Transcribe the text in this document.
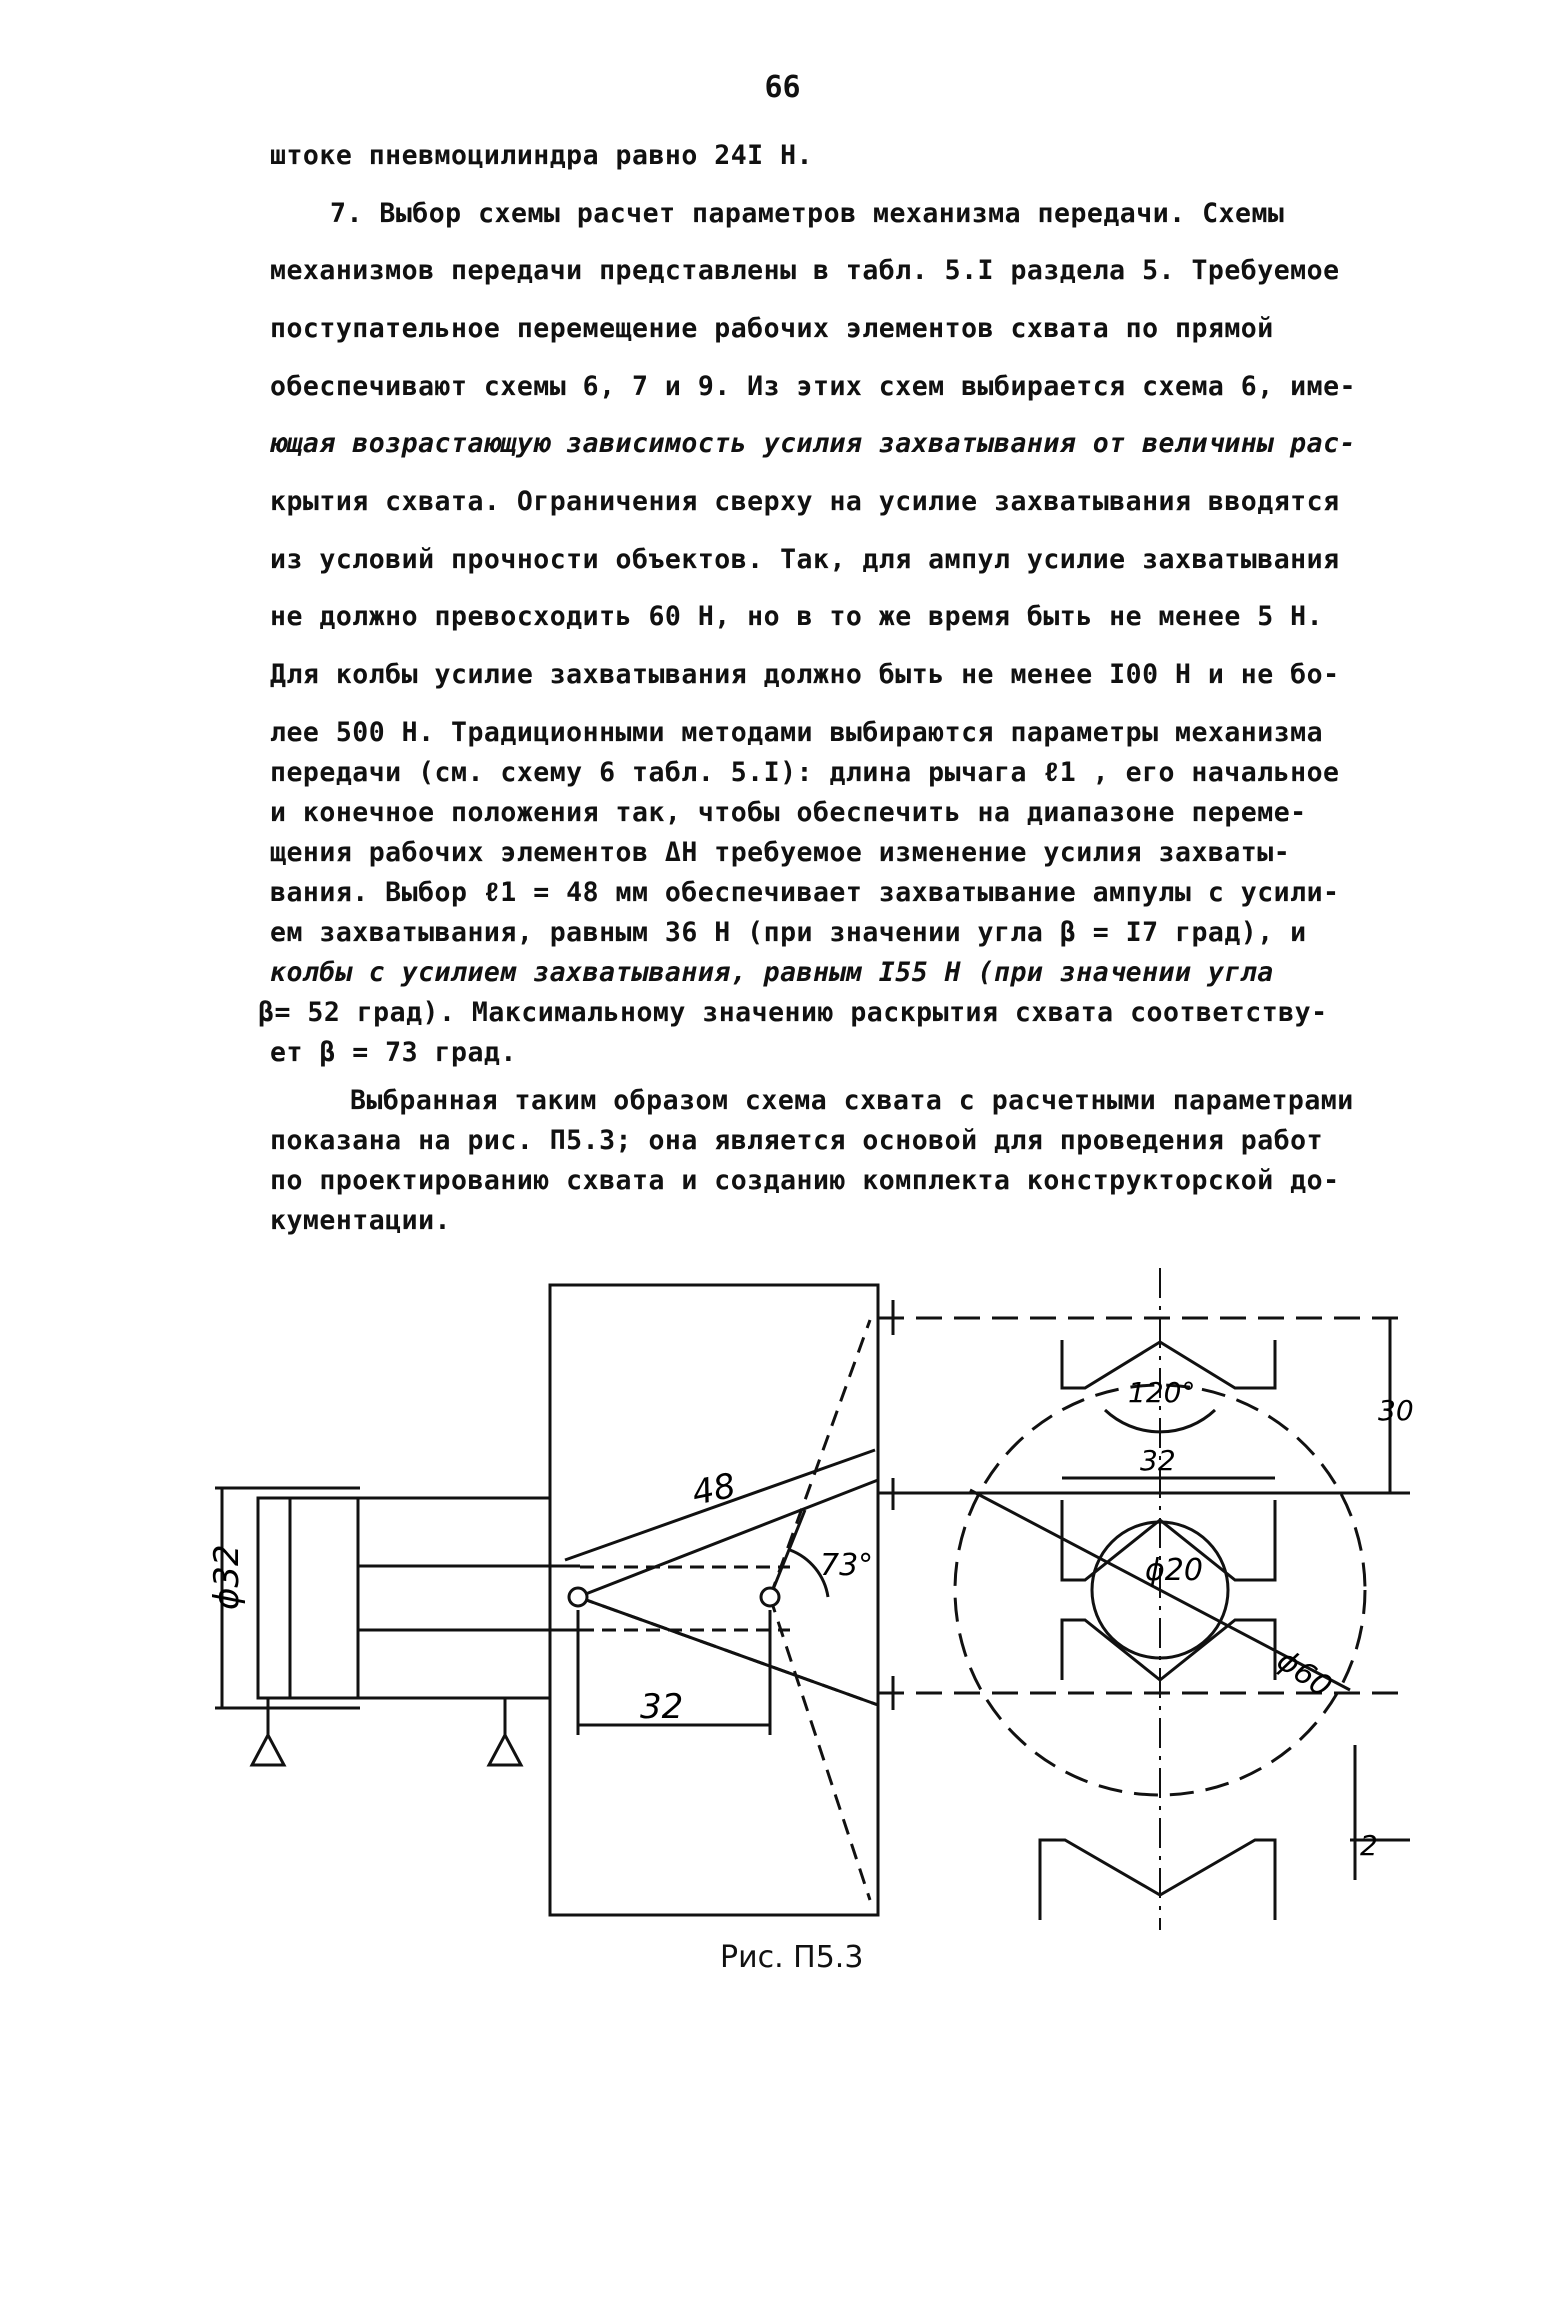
66
штоке пневмоцилиндра равно 24I Н.
7. Выбор схемы расчет параметров механизма передачи. Схемы
механизмов передачи представлены в табл. 5.I раздела 5. Требуемое
поступательное перемещение рабочих элементов схвата по прямой
обеспечивают схемы 6, 7 и 9. Из этих схем выбирается схема 6, име-
ющая возрастающую зависимость усилия захватывания от величины рас-
крытия схвата. Ограничения сверху на усилие захватывания вводятся
из уcловий прочности объектов. Так, для ампул усилие захватывания
не должно превосходить 60 Н, но в то же время быть не менее 5 Н.
Для колбы усилие захватывания должно быть не менее I00 Н и не бо-
лее 500 Н. Традиционными методами выбираются параметры механизма
передачи (см. схему 6 табл. 5.I): длина рычага ℓ1 , его начальное
и конечное положения так, чтобы обеспечить на диапазоне переме-
щения рабочих элементов ΔН требуемое изменение усилия захваты-
вания. Выбор ℓ1 = 48 мм обеспечивает захватывание ампулы с усили-
ем захватывания, равным 36 Н (при значении угла β = I7 град), и
колбы с усилием захватывания, равным I55 Н (при значении угла
β= 52 град). Максимальному значению раскрытия схвата соответству-
ет β = 73 град.
Выбранная таким образом схема схвата с расчетными параметрами
показана на рис. П5.3; она является основой для проведения работ
по проектированию схвата и созданию комплекта конструкторской до-
кументации.
ϕ32
48
73°
32
120°
30
32
ϕ20
ϕ60
2
Рис. П5.3
